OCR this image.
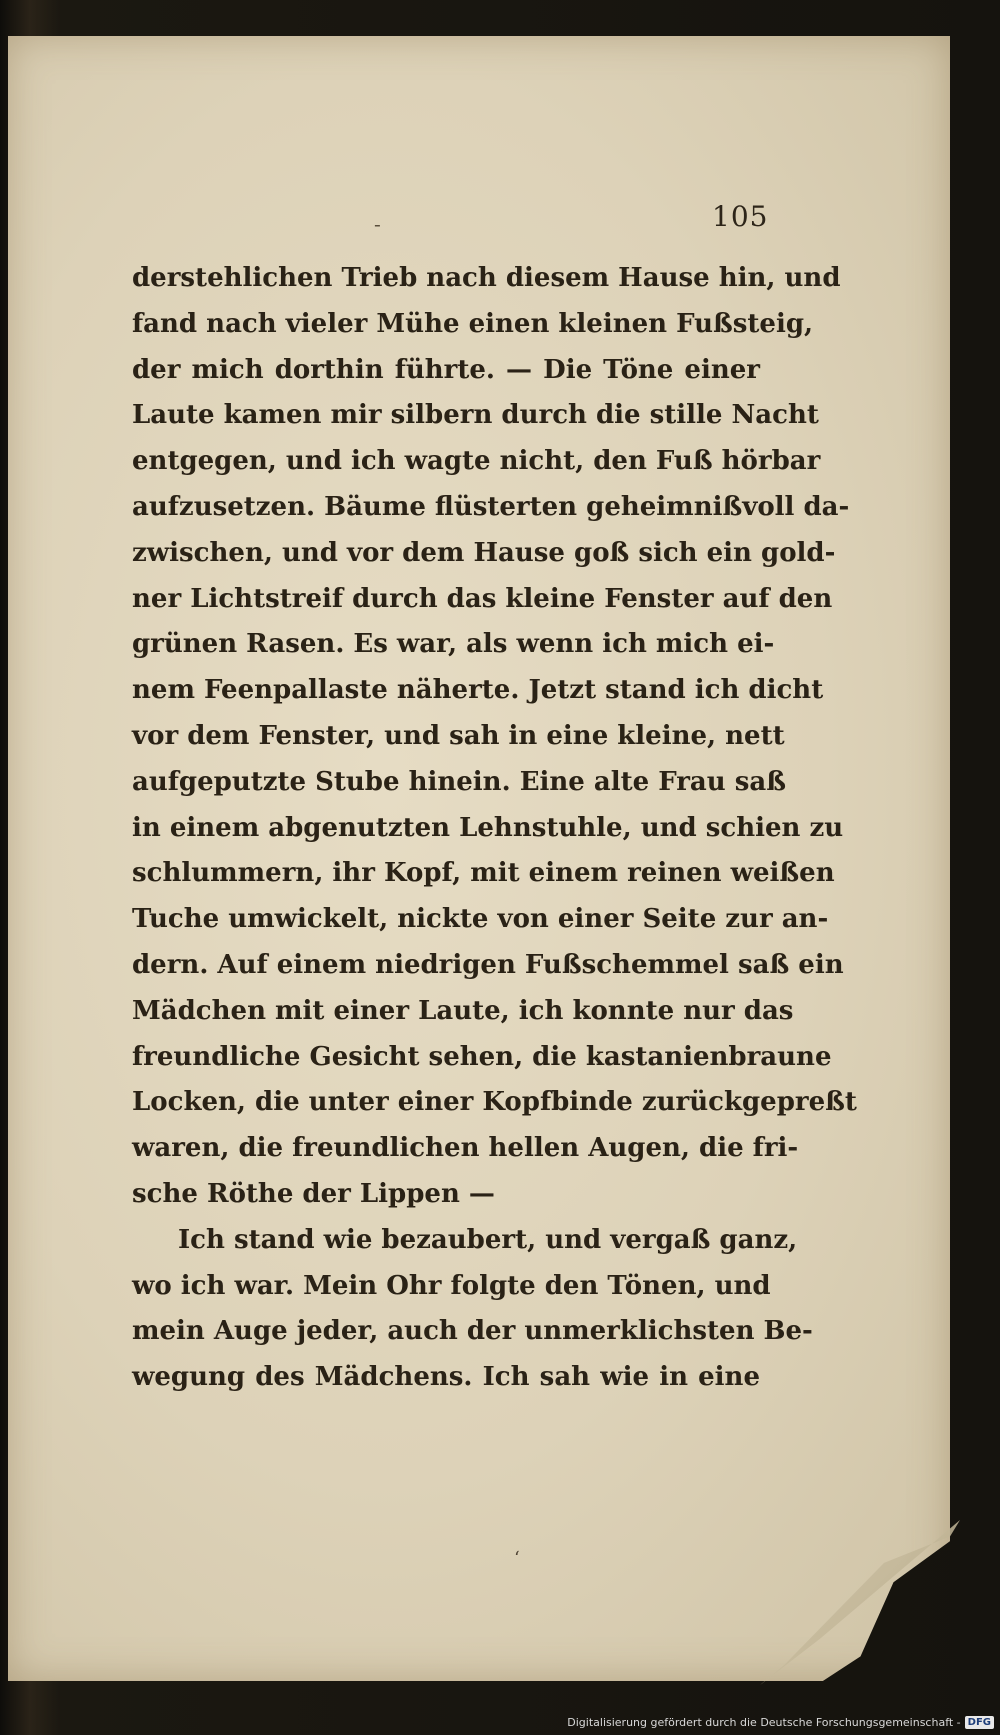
-	105
derstehlichen Trieb nach diesem Hause hin, und
fand nach vieler Mühe einen kleinen Fußsteig,
der mich dorthin führte. — Die Töne einer
Laute kamen mir silbern durch die stille Nacht
entgegen, und ich wagte nicht, den Fuß hörbar
aufzusetzen. Bäume flüsterten geheimnißvoll da-
zwischen, und vor dem Hause goß sich ein gold-
ner Lichtstreif durch das kleine Fenster auf den
grünen Rasen. Es war, als wenn ich mich ei-
nem Feenpallaste näherte. Jetzt stand ich dicht
vor dem Fenster, und sah in eine kleine, nett
aufgeputzte Stube hinein. Eine alte Frau saß
in einem abgenutzten Lehnstuhle, und schien zu
schlummern, ihr Kopf, mit einem reinen weißen
Tuche umwickelt, nickte von einer Seite zur an-
dern. Auf einem niedrigen Fußschemmel saß ein
Mädchen mit einer Laute, ich konnte nur das
freundliche Gesicht sehen, die kastanienbraune
Locken, die unter einer Kopfbinde zurückgepreßt
waren, die freundlichen hellen Augen, die fri-
sche Röthe der Lippen —
Ich stand wie bezaubert, und vergaß ganz,
wo ich war. Mein Ohr folgte den Tönen, und
mein Auge jeder, auch der unmerklichsten Be-
wegung des Mädchens. Ich sah wie in eine
‘
Digitalisierung gefördert durch die Deutsche Forschungsgemeinschaft - DFG
